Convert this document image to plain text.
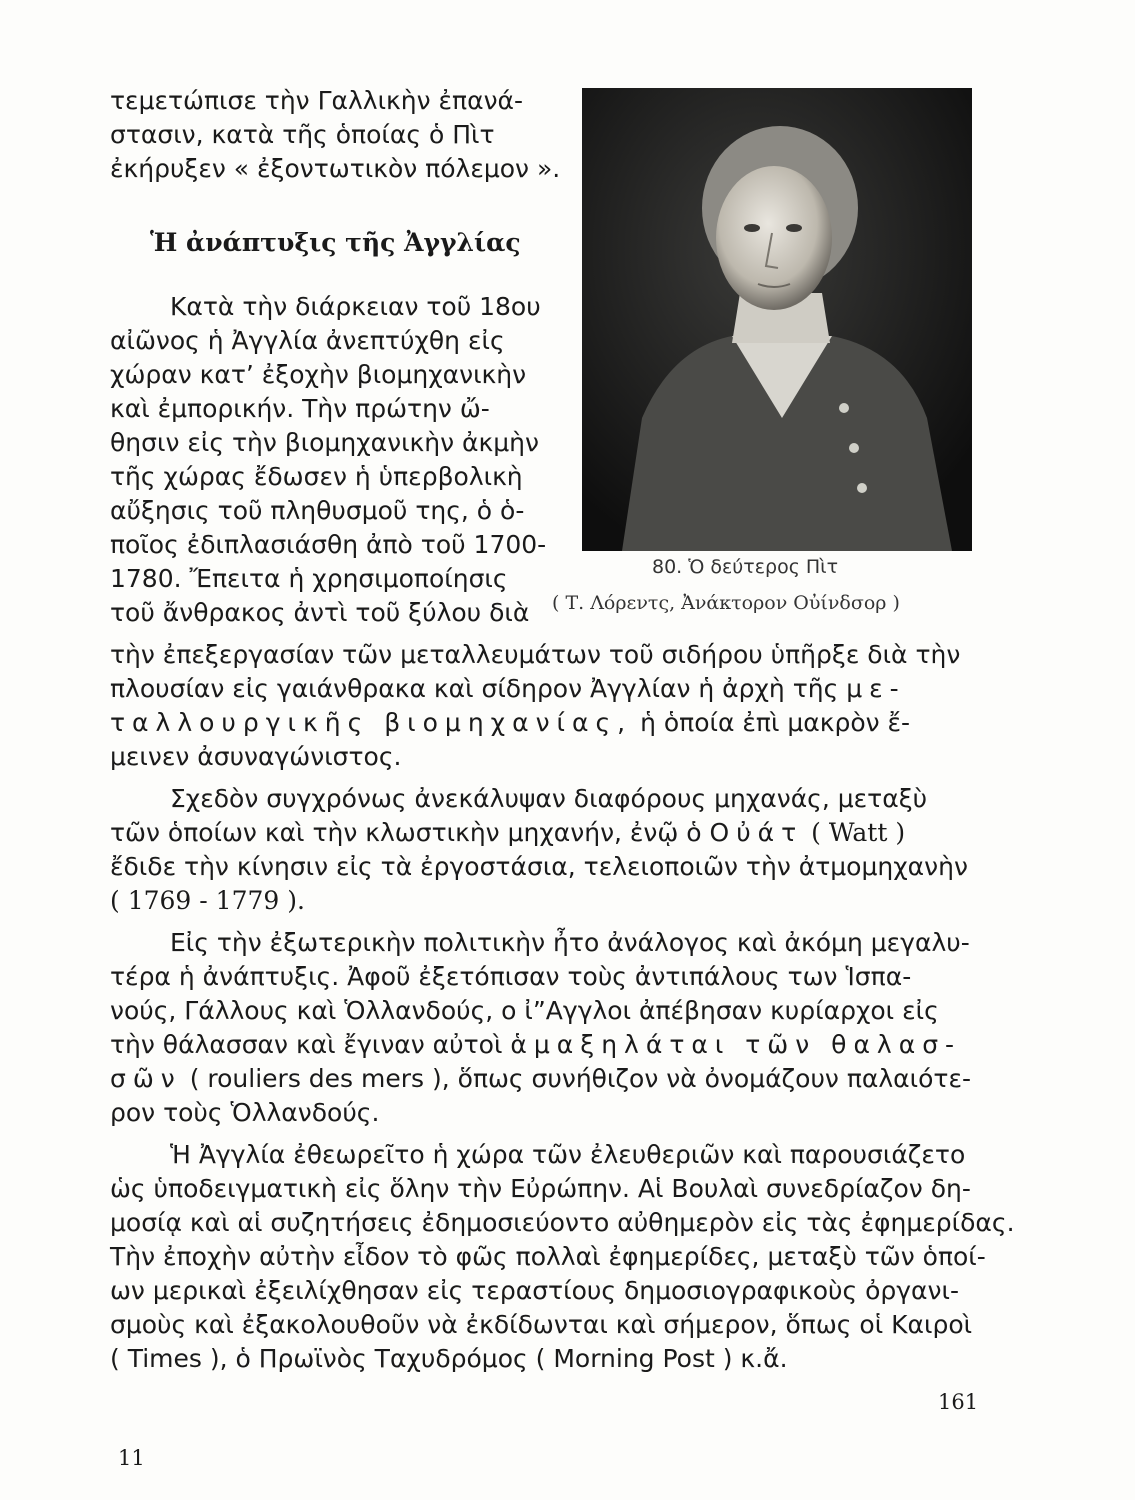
τεμετώπισε τὴν Γαλλικὴν ἐπανά-
στασιν, κατὰ τῆς ὁποίας ὁ Πὶτ
ἐκήρυξεν « ἐξοντωτικὸν πόλεμον ».
Ἡ ἀνάπτυξις τῆς Ἀγγλίας
Κατὰ τὴν διάρκειαν τοῦ 18ου
αἰῶνος ἡ Ἀγγλία ἀνεπτύχθη εἰς
χώραν κατ’ ἐξοχὴν βιομηχανικὴν
καὶ ἐμπορικήν. Τὴν πρώτην ὤ-
θησιν εἰς τὴν βιομηχανικὴν ἀκμὴν
τῆς χώρας ἔδωσεν ἡ ὑπερβολικὴ
αὔξησις τοῦ πληθυσμοῦ της, ὁ ὁ-
ποῖος ἐδιπλασιάσθη ἀπὸ τοῦ 1700-
1780. Ἔπειτα ἡ χρησιμοποίησις
τοῦ ἄνθρακος ἀντὶ τοῦ ξύλου διὰ
80. Ὁ δεύτερος Πὶτ
( Τ. Λόρεντς, Ἀνάκτορον Οὐίνδσορ )
τὴν ἐπεξεργασίαν τῶν μεταλλευμάτων τοῦ σιδήρου ὑπῆρξε διὰ τὴν
πλουσίαν εἰς γαιάνθρακα καὶ σίδηρον Ἀγγλίαν ἡ ἀρχὴ τῆς με-
ταλλουργικῆς βιομηχανίας, ἡ ὁποία ἐπὶ μακρὸν ἔ-
μεινεν ἀσυναγώνιστος.
Σχεδὸν συγχρόνως ἀνεκάλυψαν διαφόρους μηχανάς, μεταξὺ
τῶν ὁποίων καὶ τὴν κλωστικὴν μηχανήν, ἐνῷ ὁ Οὐάτ ( Watt )
ἔδιδε τὴν κίνησιν εἰς τὰ ἐργοστάσια, τελειοποιῶν τὴν ἀτμομηχανὴν
( 1769 - 1779 ).
Εἰς τὴν ἐξωτερικὴν πολιτικὴν ἦτο ἀνάλογος καὶ ἀκόμη μεγαλυ-
τέρα ἡ ἀνάπτυξις. Ἀφοῦ ἐξετόπισαν τοὺς ἀντιπάλους των Ἱσπα-
νούς, Γάλλους καὶ Ὁλλανδούς, ο ἰ”Αγγλοι ἀπέβησαν κυρίαρχοι εἰς
τὴν θάλασσαν καὶ ἔγιναν αὐτοὶ ἁμαξηλάται τῶν θαλασ-
σῶν ( rouliers des mers ), ὅπως συνήθιζον νὰ ὀνομάζουν παλαιότε-
ρον τοὺς Ὁλλανδούς.
Ἡ Ἀγγλία ἐθεωρεῖτο ἡ χώρα τῶν ἐλευθεριῶν καὶ παρουσιάζετο
ὡς ὑποδειγματικὴ εἰς ὅλην τὴν Εὐρώπην. Αἱ Βουλαὶ συνεδρίαζον δη-
μοσίᾳ καὶ αἱ συζητήσεις ἐδημοσιεύοντο αὐθημερὸν εἰς τὰς ἐφημερίδας.
Τὴν ἐποχὴν αὐτὴν εἶδον τὸ φῶς πολλαὶ ἐφημερίδες, μεταξὺ τῶν ὁποί-
ων μερικαὶ ἐξειλίχθησαν εἰς τεραστίους δημοσιογραφικοὺς ὀργανι-
σμοὺς καὶ ἐξακολουθοῦν νὰ ἐκδίδωνται καὶ σήμερον, ὅπως οἱ Καιροὶ
( Times ), ὁ Πρωϊνὸς Ταχυδρόμος ( Morning Post ) κ.ἄ.
161
11
